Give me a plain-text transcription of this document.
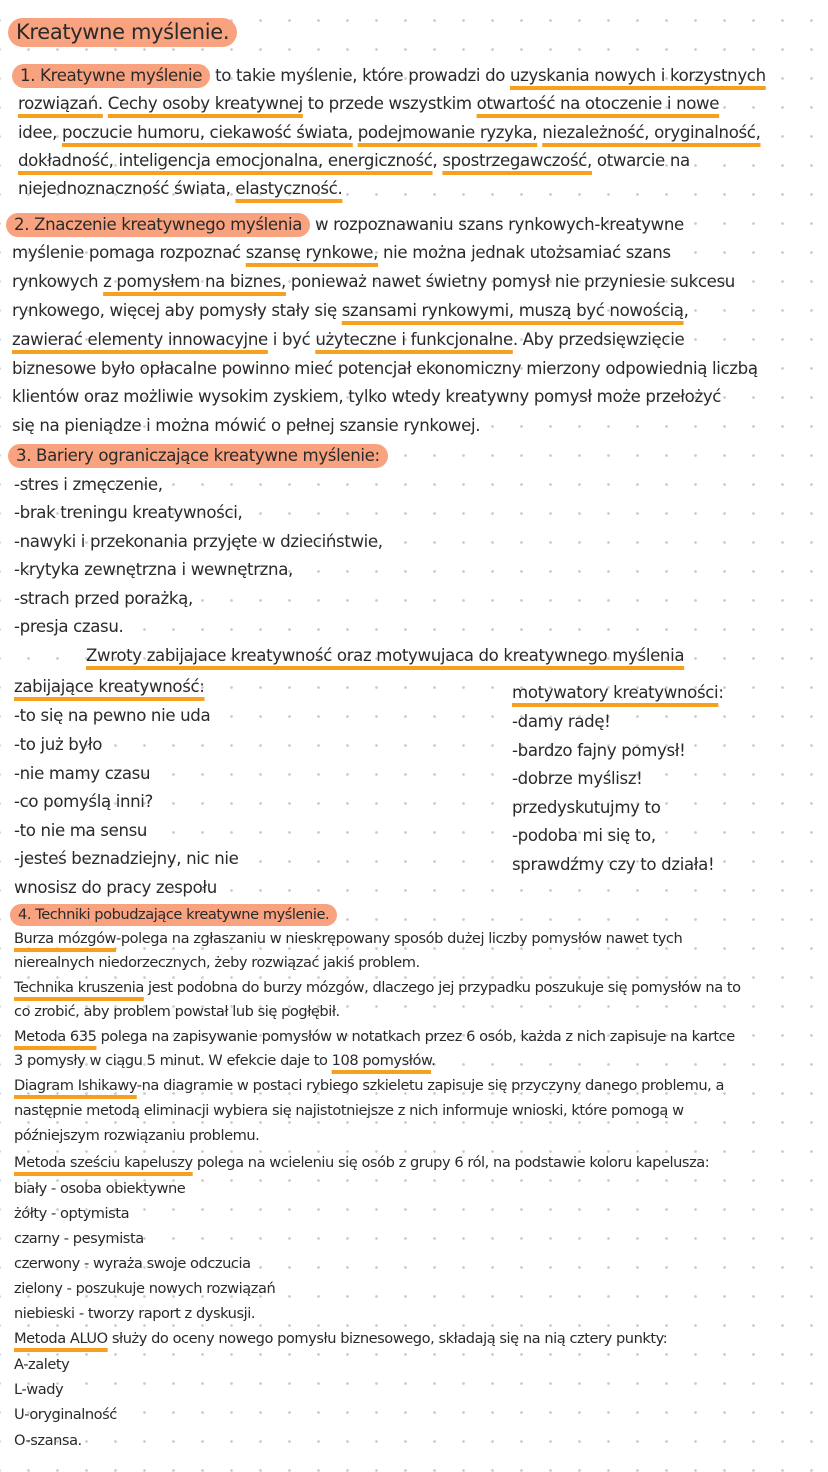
Kreatywne myślenie.
1. Kreatywne myślenie to takie myślenie, które prowadzi do uzyskania nowych i korzystnych
rozwiązań. Cechy osoby kreatywnej to przede wszystkim otwartość na otoczenie i nowe
idee, poczucie humoru, ciekawość świata, podejmowanie ryzyka, niezależność, oryginalność,
dokładność, inteligencja emocjonalna, energiczność, spostrzegawczość, otwarcie na
niejednoznaczność świata, elastyczność.
2. Znaczenie kreatywnego myślenia w rozpoznawaniu szans rynkowych-kreatywne
myślenie pomaga rozpoznać szansę rynkowe, nie można jednak utożsamiać szans
rynkowych z pomysłem na biznes, ponieważ nawet świetny pomysł nie przyniesie sukcesu
rynkowego, więcej aby pomysły stały się szansami rynkowymi, muszą być nowością,
zawierać elementy innowacyjne i być użyteczne i funkcjonalne. Aby przedsięwzięcie
biznesowe było opłacalne powinno mieć potencjał ekonomiczny mierzony odpowiednią liczbą
klientów oraz możliwie wysokim zyskiem, tylko wtedy kreatywny pomysł może przełożyć
się na pieniądze i można mówić o pełnej szansie rynkowej.
3. Bariery ograniczające kreatywne myślenie:
-stres i zmęczenie,
-brak treningu kreatywności,
-nawyki i przekonania przyjęte w dzieciństwie,
-krytyka zewnętrzna i wewnętrzna,
-strach przed porażką,
-presja czasu.
Zwroty zabijajace kreatywność oraz motywujaca do kreatywnego myślenia
zabijające kreatywność:
-to się na pewno nie uda
-to już było
-nie mamy czasu
-co pomyślą inni?
-to nie ma sensu
-jesteś beznadziejny, nic nie
wnosisz do pracy zespołu
motywatory kreatywności:
-damy radę!
-bardzo fajny pomysł!
-dobrze myślisz!
przedyskutujmy to
-podoba mi się to,
sprawdźmy czy to działa!
4. Techniki pobudzające kreatywne myślenie.
Burza mózgów-polega na zgłaszaniu w nieskrępowany sposób dużej liczby pomysłów nawet tych
nierealnych niedorzecznych, żeby rozwiązać jakiś problem.
Technika kruszenia jest podobna do burzy mózgów, dlaczego jej przypadku poszukuje się pomysłów na to
co zrobić, aby problem powstał lub się pogłębił.
Metoda 635 polega na zapisywanie pomysłów w notatkach przez 6 osób, każda z nich zapisuje na kartce
3 pomysły w ciągu 5 minut. W efekcie daje to 108 pomysłów.
Diagram Ishikawy-na diagramie w postaci rybiego szkieletu zapisuje się przyczyny danego problemu, a
następnie metodą eliminacji wybiera się najistotniejsze z nich informuje wnioski, które pomogą w
późniejszym rozwiązaniu problemu.
Metoda sześciu kapeluszy polega na wcieleniu się osób z grupy 6 ról, na podstawie koloru kapelusza:
biały - osoba obiektywne
żółty - optymista
czarny - pesymista
czerwony - wyraża swoje odczucia
zielony - poszukuje nowych rozwiązań
niebieski - tworzy raport z dyskusji.
Metoda ALUO służy do oceny nowego pomysłu biznesowego, składają się na nią cztery punkty:
A-zalety
L-wady
U-oryginalność
O-szansa.
